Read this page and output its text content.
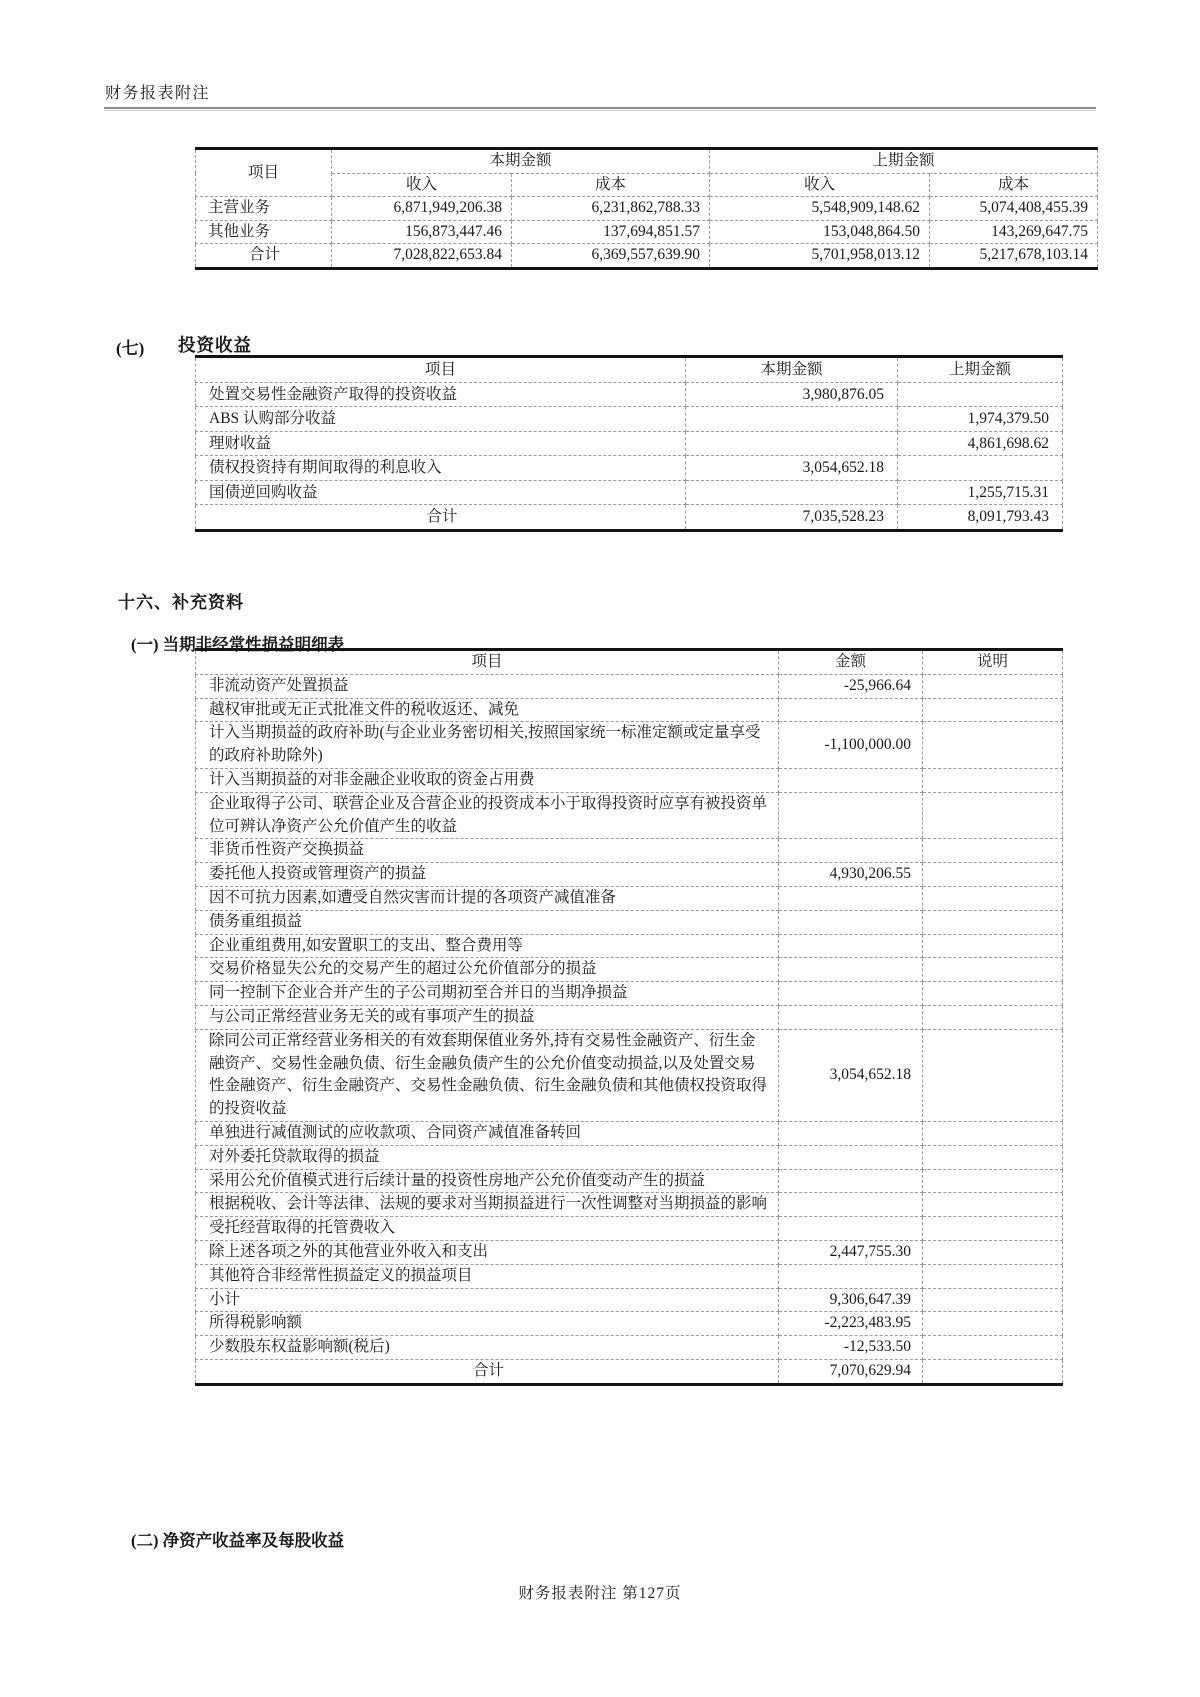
财务报表附注
项目	本期金额		上期金额	
	收入	成本	收入	成本
主营业务	6,871,949,206.38	6,231,862,788.33	5,548,909,148.62	5,074,408,455.39
其他业务	156,873,447.46	137,694,851.57	153,048,864.50	143,269,647.75
合计	7,028,822,653.84	6,369,557,639.90	5,701,958,013.12	5,217,678,103.14
(七) 投资收益
项目	本期金额	上期金额
处置交易性金融资产取得的投资收益	3,980,876.05	
ABS 认购部分收益		1,974,379.50
理财收益		4,861,698.62
债权投资持有期间取得的利息收入	3,054,652.18	
国债逆回购收益		1,255,715.31
合计	7,035,528.23	8,091,793.43
十六、补充资料
(一) 当期非经常性损益明细表
项目	金额	说明
非流动资产处置损益	-25,966.64	
越权审批或无正式批准文件的税收返还、减免		
计入当期损益的政府补助(与企业业务密切相关,按照国家统一标准定额或定量享受的政府补助除外)	-1,100,000.00	
计入当期损益的对非金融企业收取的资金占用费		
企业取得子公司、联营企业及合营企业的投资成本小于取得投资时应享有被投资单位可辨认净资产公允价值产生的收益		
非货币性资产交换损益		
委托他人投资或管理资产的损益	4,930,206.55	
因不可抗力因素,如遭受自然灾害而计提的各项资产减值准备		
债务重组损益		
企业重组费用,如安置职工的支出、整合费用等		
交易价格显失公允的交易产生的超过公允价值部分的损益		
同一控制下企业合并产生的子公司期初至合并日的当期净损益		
与公司正常经营业务无关的或有事项产生的损益		
除同公司正常经营业务相关的有效套期保值业务外,持有交易性金融资产、衍生金融资产、交易性金融负债、衍生金融负债产生的公允价值变动损益,以及处置交易性金融资产、衍生金融资产、交易性金融负债、衍生金融负债和其他债权投资取得的投资收益	3,054,652.18	
单独进行减值测试的应收款项、合同资产减值准备转回		
对外委托贷款取得的损益		
采用公允价值模式进行后续计量的投资性房地产公允价值变动产生的损益		
根据税收、会计等法律、法规的要求对当期损益进行一次性调整对当期损益的影响		
受托经营取得的托管费收入		
除上述各项之外的其他营业外收入和支出	2,447,755.30	
其他符合非经常性损益定义的损益项目		
小计	9,306,647.39	
所得税影响额	-2,223,483.95	
少数股东权益影响额(税后)	-12,533.50	
合计	7,070,629.94	
(二) 净资产收益率及每股收益
财务报表附注 第127页
